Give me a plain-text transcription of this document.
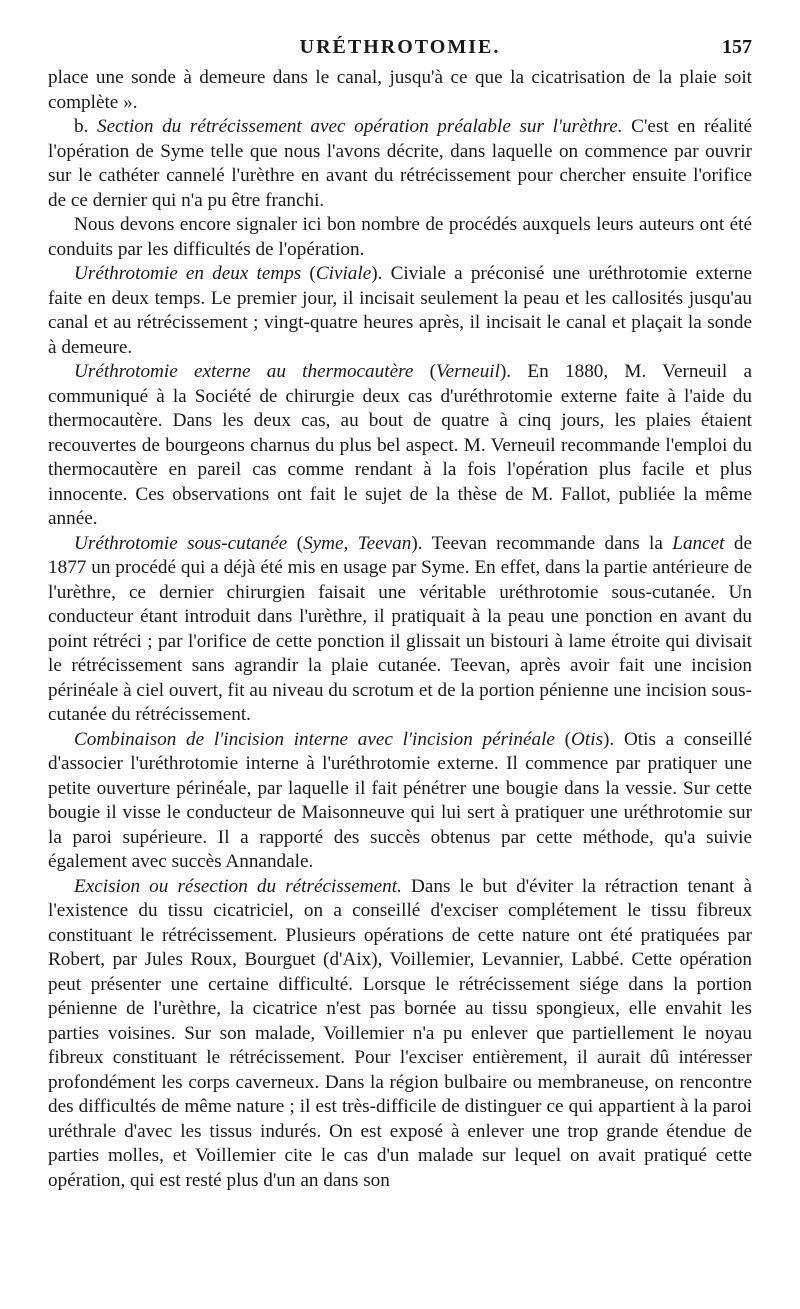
URÉTHROTOMIE.	157

place une sonde à demeure dans le canal, jusqu'à ce que la cicatrisation de la plaie soit complète ».

b. Section du rétrécissement avec opération préalable sur l'urèthre. C'est en réalité l'opération de Syme telle que nous l'avons décrite, dans laquelle on commence par ouvrir sur le cathéter cannelé l'urèthre en avant du rétrécissement pour chercher ensuite l'orifice de ce dernier qui n'a pu être franchi.

Nous devons encore signaler ici bon nombre de procédés auxquels leurs auteurs ont été conduits par les difficultés de l'opération.

Uréthrotomie en deux temps (Civiale). Civiale a préconisé une uréthrotomie externe faite en deux temps. Le premier jour, il incisait seulement la peau et les callosités jusqu'au canal et au rétrécissement ; vingt-quatre heures après, il incisait le canal et plaçait la sonde à demeure.

Uréthrotomie externe au thermocautère (Verneuil). En 1880, M. Verneuil a communiqué à la Société de chirurgie deux cas d'uréthrotomie externe faite à l'aide du thermocautère. Dans les deux cas, au bout de quatre à cinq jours, les plaies étaient recouvertes de bourgeons charnus du plus bel aspect. M. Verneuil recommande l'emploi du thermocautère en pareil cas comme rendant à la fois l'opération plus facile et plus innocente. Ces observations ont fait le sujet de la thèse de M. Fallot, publiée la même année.

Uréthrotomie sous-cutanée (Syme, Teevan). Teevan recommande dans la Lancet de 1877 un procédé qui a déjà été mis en usage par Syme. En effet, dans la partie antérieure de l'urèthre, ce dernier chirurgien faisait une véritable uréthrotomie sous-cutanée. Un conducteur étant introduit dans l'urèthre, il pratiquait à la peau une ponction en avant du point rétréci ; par l'orifice de cette ponction il glissait un bistouri à lame étroite qui divisait le rétrécissement sans agrandir la plaie cutanée. Teevan, après avoir fait une incision périnéale à ciel ouvert, fit au niveau du scrotum et de la portion pénienne une incision sous-cutanée du rétrécissement.

Combinaison de l'incision interne avec l'incision périnéale (Otis). Otis a conseillé d'associer l'uréthrotomie interne à l'uréthrotomie externe. Il commence par pratiquer une petite ouverture périnéale, par laquelle il fait pénétrer une bougie dans la vessie. Sur cette bougie il visse le conducteur de Maisonneuve qui lui sert à pratiquer une uréthrotomie sur la paroi supérieure. Il a rapporté des succès obtenus par cette méthode, qu'a suivie également avec succès Annandale.

Excision ou résection du rétrécissement. Dans le but d'éviter la rétraction tenant à l'existence du tissu cicatriciel, on a conseillé d'exciser complétement le tissu fibreux constituant le rétrécissement. Plusieurs opérations de cette nature ont été pratiquées par Robert, par Jules Roux, Bourguet (d'Aix), Voillemier, Levannier, Labbé. Cette opération peut présenter une certaine difficulté. Lorsque le rétrécissement siége dans la portion pénienne de l'urèthre, la cicatrice n'est pas bornée au tissu spongieux, elle envahit les parties voisines. Sur son malade, Voillemier n'a pu enlever que partiellement le noyau fibreux constituant le rétrécissement. Pour l'exciser entièrement, il aurait dû intéresser profondément les corps caverneux. Dans la région bulbaire ou membraneuse, on rencontre des difficultés de même nature ; il est très-difficile de distinguer ce qui appartient à la paroi uréthrale d'avec les tissus indurés. On est exposé à enlever une trop grande étendue de parties molles, et Voillemier cite le cas d'un malade sur lequel on avait pratiqué cette opération, qui est resté plus d'un an dans son
